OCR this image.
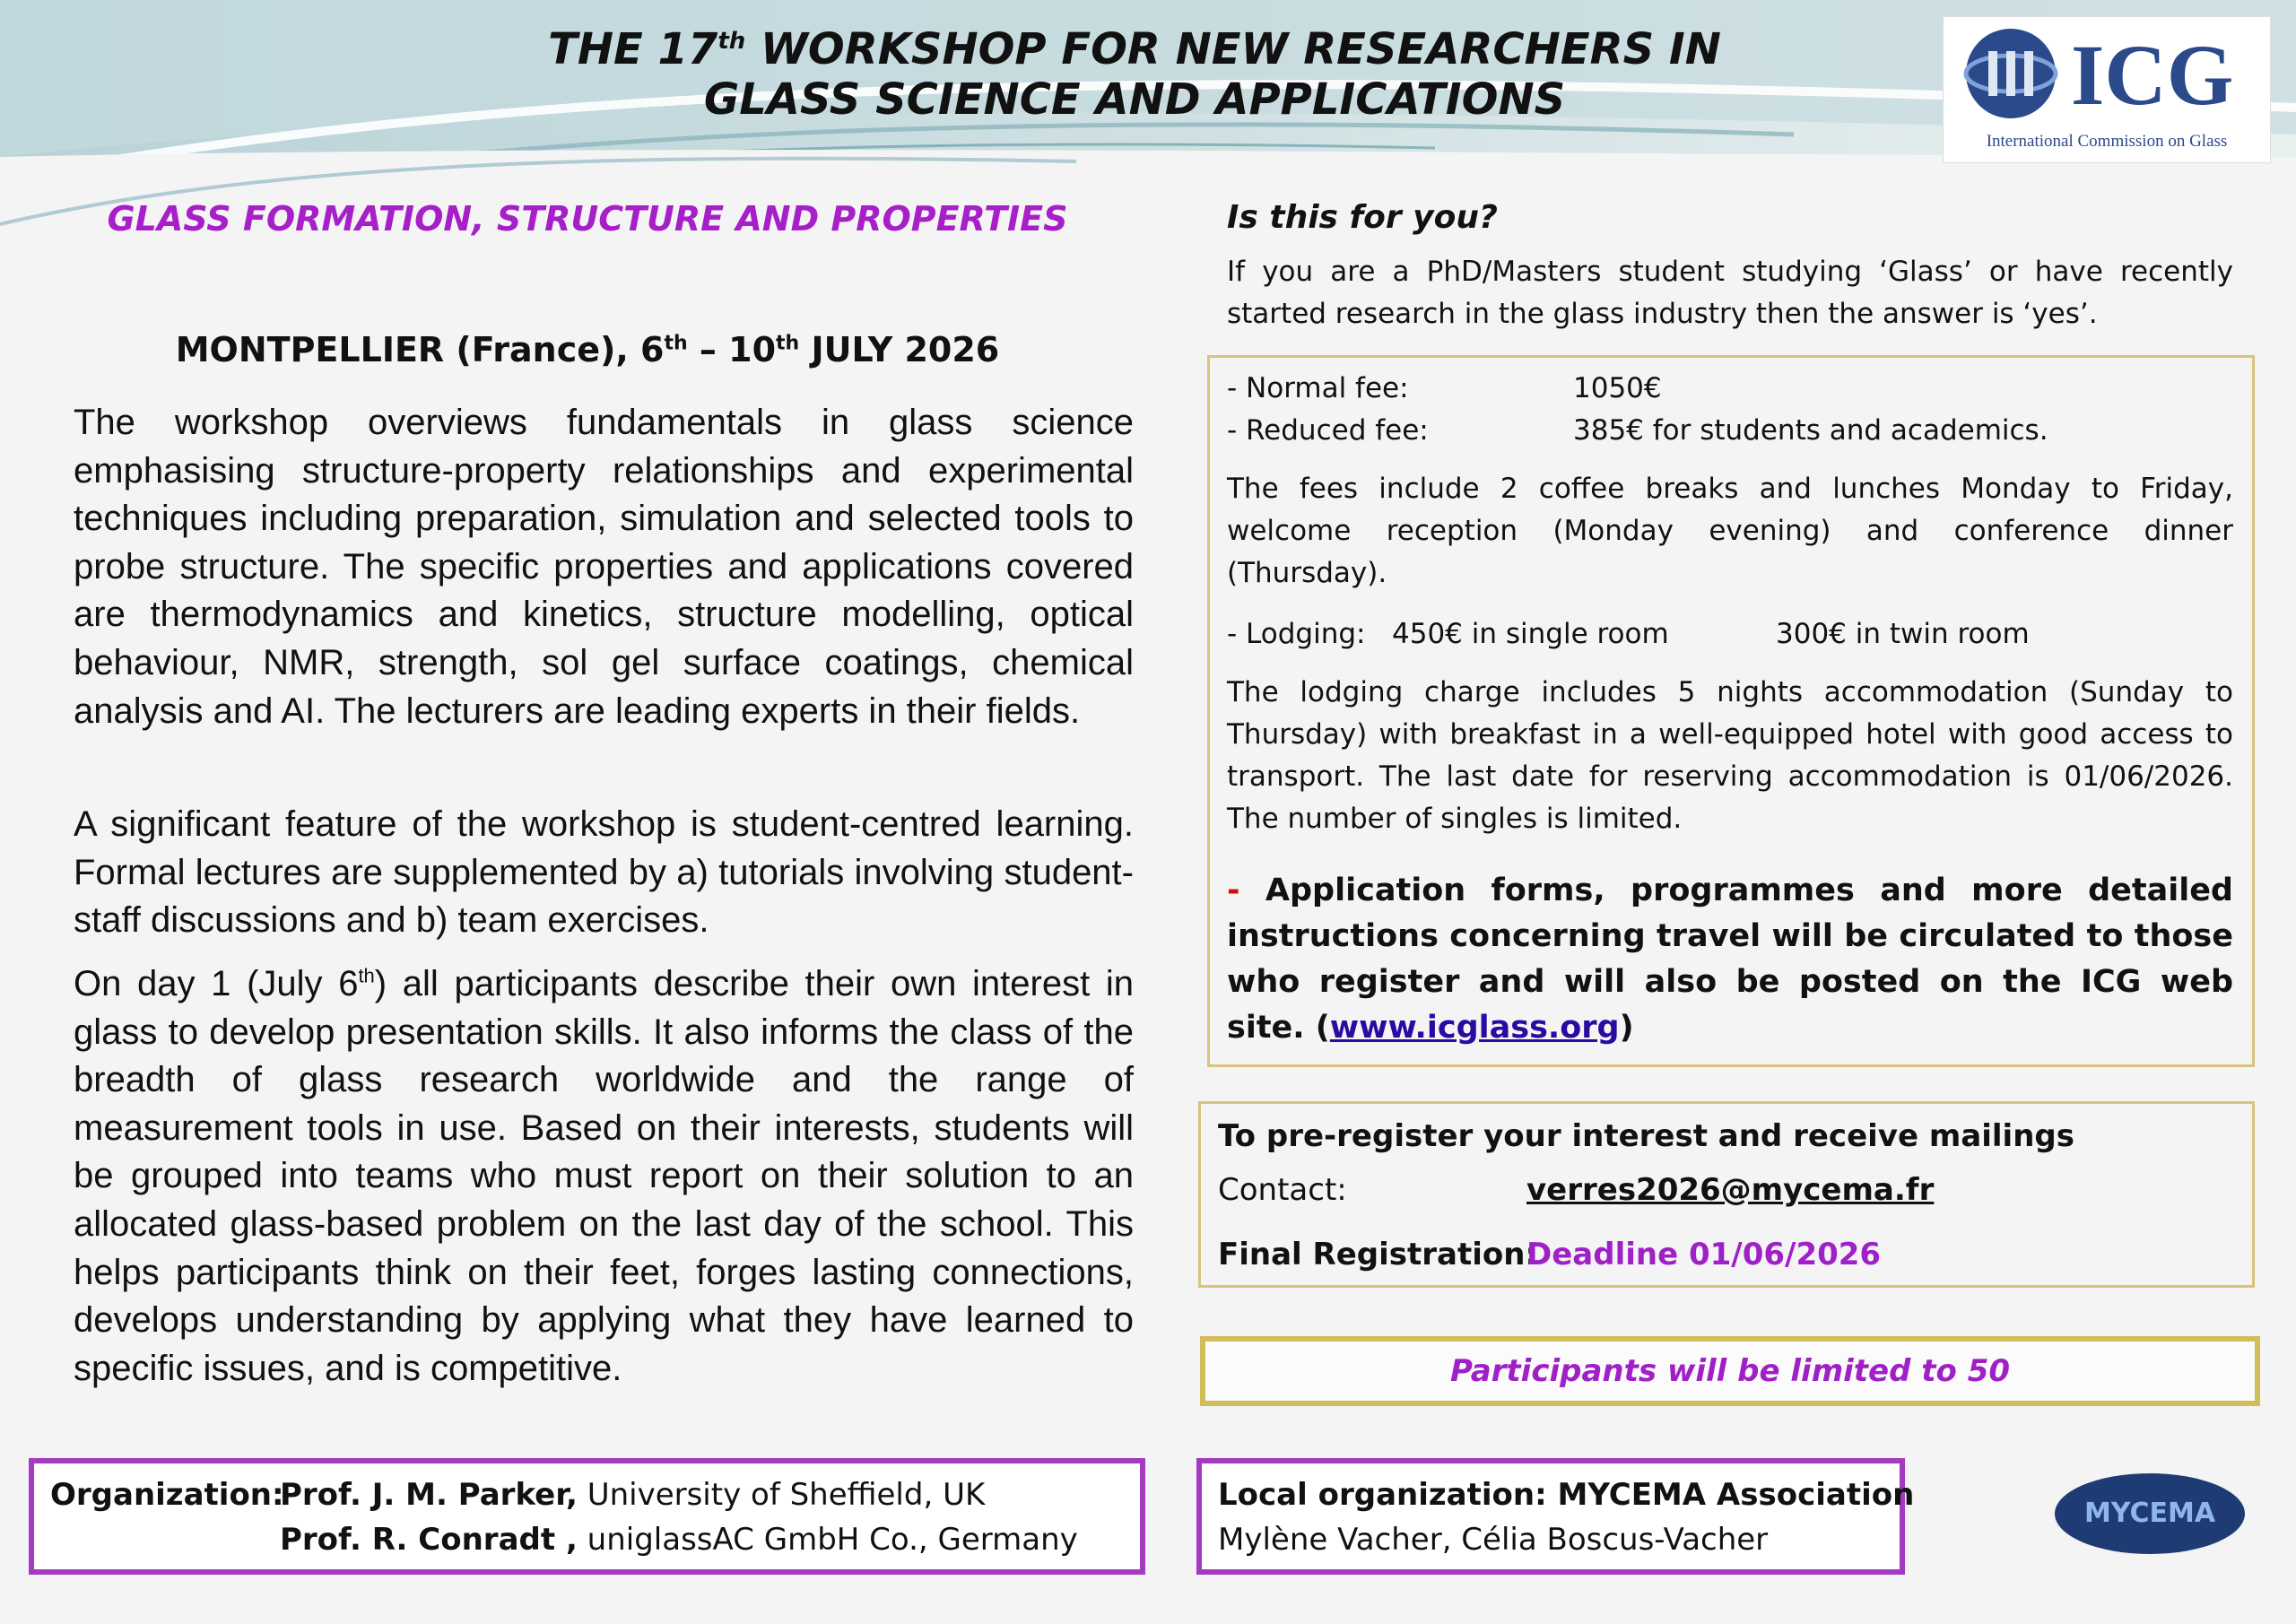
THE 17th WORKSHOP FOR NEW RESEARCHERS IN
GLASS SCIENCE AND APPLICATIONS	ICG
International Commission on Glass
GLASS FORMATION, STRUCTURE AND PROPERTIES
MONTPELLIER (France), 6th – 10th JULY 2026
The workshop overviews fundamentals in glass science emphasising structure-property relationships and experimental techniques including preparation, simulation and selected tools to probe structure. The specific properties and applications covered are thermodynamics and kinetics, structure modelling, optical behaviour, NMR, strength, sol gel surface coatings, chemical analysis and AI. The lecturers are leading experts in their fields.
A significant feature of the workshop is student-centred learning. Formal lectures are supplemented by a) tutorials involving student-staff discussions and b) team exercises.
On day 1 (July 6th) all participants describe their own interest in glass to develop presentation skills. It also informs the class of the breadth of glass research worldwide and the range of measurement tools in use. Based on their interests, students will be grouped into teams who must report on their solution to an allocated glass-based problem on the last day of the school. This helps participants think on their feet, forges lasting connections, develops understanding by applying what they have learned to specific issues, and is competitive.
Is this for you?
If you are a PhD/Masters student studying ‘Glass’ or have recently started research in the glass industry then the answer is ‘yes’.
- Normal fee:	1050€
- Reduced fee:	385€ for students and academics.
The fees include 2 coffee breaks and lunches Monday to Friday, welcome reception (Monday evening) and conference dinner (Thursday).
- Lodging: 450€ in single room	300€ in twin room
The lodging charge includes 5 nights accommodation (Sunday to Thursday) with breakfast in a well-equipped hotel with good access to transport. The last date for reserving accommodation is 01/06/2026. The number of singles is limited.
- Application forms, programmes and more detailed instructions concerning travel will be circulated to those who register and will also be posted on the ICG web site. (www.icglass.org)
To pre-register your interest and receive mailings
Contact:	verres2026@mycema.fr
Final Registration:
Deadline 01/06/2026
Participants will be limited to 50
Organization:
Prof. J. M. Parker, University of Sheffield, UK
Prof. R. Conradt , uniglassAC GmbH Co., Germany
Local organization: MYCEMA Association
Mylène Vacher, Célia Boscus-Vacher
MYCEMA
